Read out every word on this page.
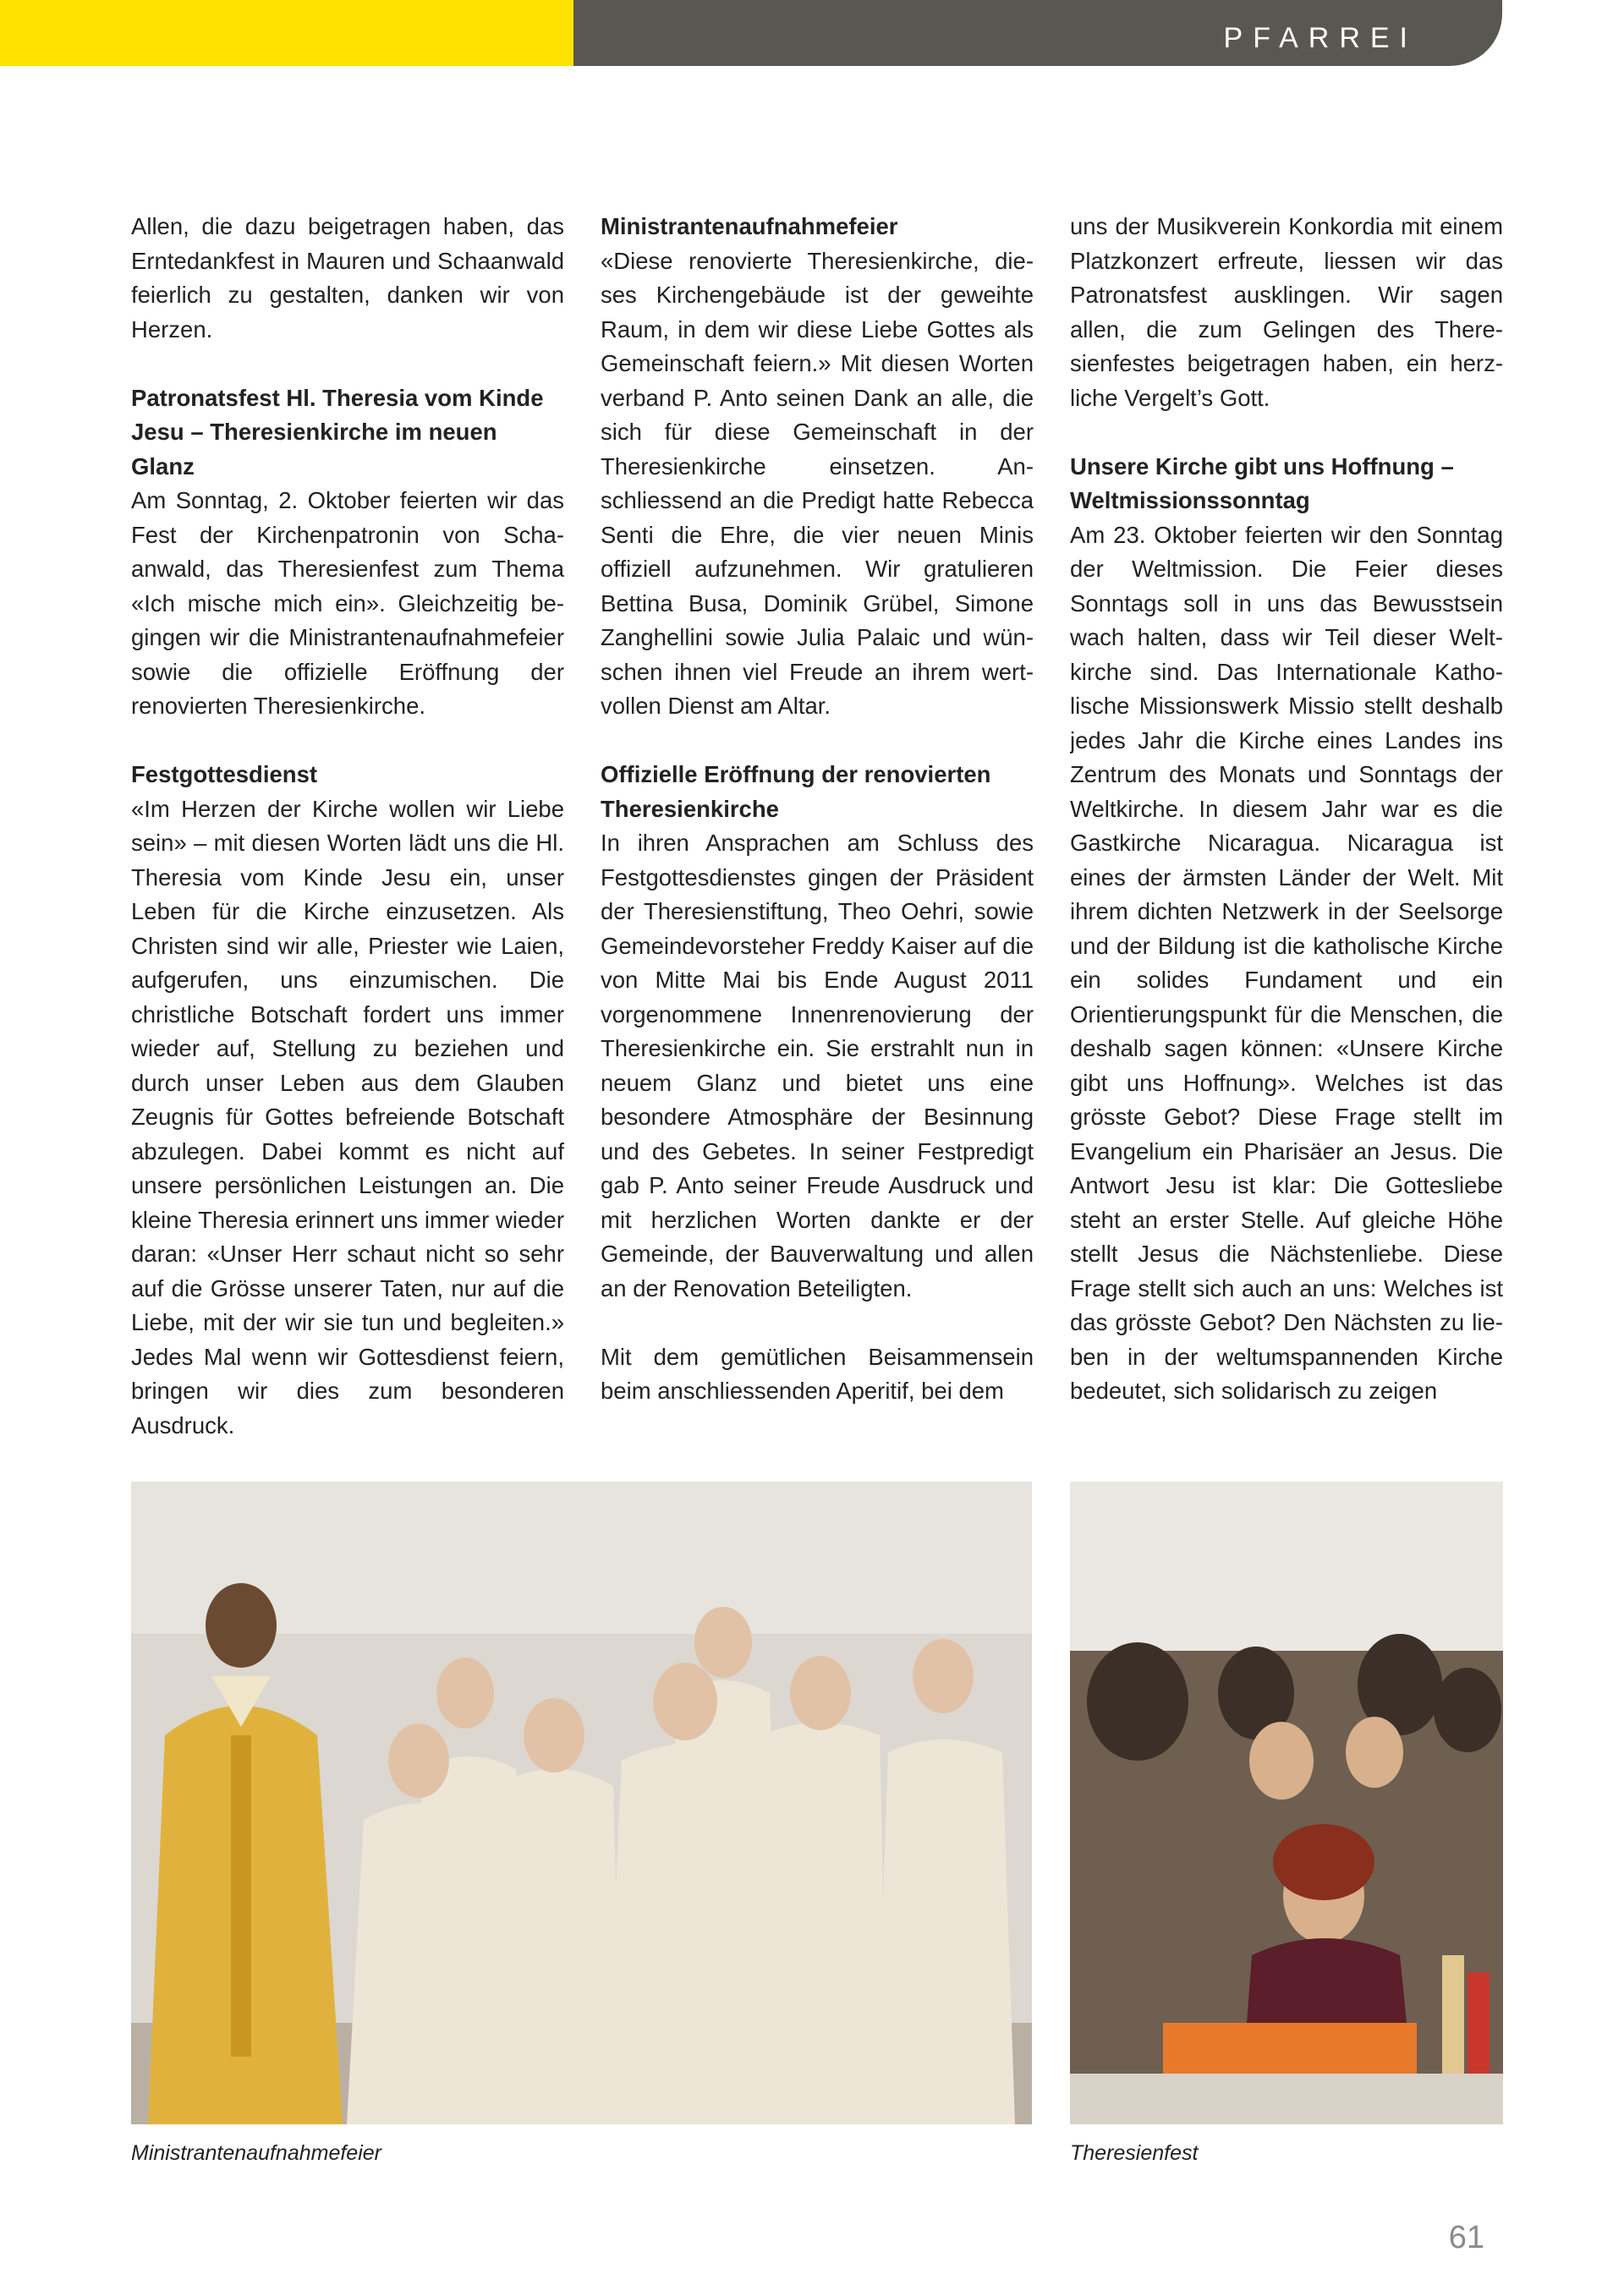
PFARREI

Allen, die dazu beigetragen haben, das Erntedankfest in Mauren und Schaanwald feierlich zu gestalten, danken wir von Herzen.

Patronatsfest Hl. Theresia vom Kinde Jesu – Theresienkirche im neuen Glanz

Am Sonntag, 2. Oktober feierten wir das Fest der Kirchenpatronin von Schaanwald, das Theresienfest zum Thema «Ich mische mich ein». Gleichzeitig begingen wir die Ministrantenaufnahmefeier sowie die offizielle Eröffnung der renovierten Theresienkirche.

Festgottesdienst

«Im Herzen der Kirche wollen wir Liebe sein» – mit diesen Worten lädt uns die Hl. Theresia vom Kinde Jesu ein, unser Leben für die Kirche einzusetzen. Als Christen sind wir alle, Priester wie Laien, aufgerufen, uns einzumischen. Die christliche Botschaft fordert uns immer wieder auf, Stellung zu beziehen und durch unser Leben aus dem Glauben Zeugnis für Gottes befreiende Botschaft abzulegen. Dabei kommt es nicht auf unsere persönlichen Leistungen an. Die kleine Theresia erinnert uns immer wieder daran: «Unser Herr schaut nicht so sehr auf die Grösse unserer Taten, nur auf die Liebe, mit der wir sie tun und begleiten.» Jedes Mal wenn wir Gottesdienst feiern, bringen wir dies zum besonderen Ausdruck.

Ministrantenaufnahmefeier

«Diese renovierte Theresienkirche, dieses Kirchengebäude ist der geweihte Raum, in dem wir diese Liebe Gottes als Gemeinschaft feiern.» Mit diesen Worten verband P. Anto seinen Dank an alle, die sich für diese Gemeinschaft in der Theresienkirche einsetzen. Anschliessend an die Predigt hatte Rebecca Senti die Ehre, die vier neuen Minis offiziell aufzunehmen. Wir gratulieren Bettina Busa, Dominik Grübel, Simone Zanghellini sowie Julia Palaic und wünschen ihnen viel Freude an ihrem wertvollen Dienst am Altar.

Offizielle Eröffnung der renovierten Theresienkirche

In ihren Ansprachen am Schluss des Festgottesdienstes gingen der Präsident der Theresienstiftung, Theo Oehri, sowie Gemeindevorsteher Freddy Kaiser auf die von Mitte Mai bis Ende August 2011 vorgenommene Innenrenovierung der Theresienkirche ein. Sie erstrahlt nun in neuem Glanz und bietet uns eine besondere Atmosphäre der Besinnung und des Gebetes. In seiner Festpredigt gab P. Anto seiner Freude Ausdruck und mit herzlichen Worten dankte er der Gemeinde, der Bauverwaltung und allen an der Renovation Beteiligten.

Mit dem gemütlichen Beisammensein beim anschliessenden Aperitif, bei dem

uns der Musikverein Konkordia mit einem Platzkonzert erfreute, liessen wir das Patronatsfest ausklingen. Wir sagen allen, die zum Gelingen des Theresienfestes beigetragen haben, ein herzliche Vergelt’s Gott.

Unsere Kirche gibt uns Hoffnung – Weltmissionssonntag

Am 23. Oktober feierten wir den Sonntag der Weltmission. Die Feier dieses Sonntags soll in uns das Bewusstsein wach halten, dass wir Teil dieser Weltkirche sind. Das Internationale Katholische Missionswerk Missio stellt deshalb jedes Jahr die Kirche eines Landes ins Zentrum des Monats und Sonntags der Weltkirche. In diesem Jahr war es die Gastkirche Nicaragua. Nicaragua ist eines der ärmsten Länder der Welt. Mit ihrem dichten Netzwerk in der Seelsorge und der Bildung ist die katholische Kirche ein solides Fundament und ein Orientierungspunkt für die Menschen, die deshalb sagen können: «Unsere Kirche gibt uns Hoffnung». Welches ist das grösste Gebot? Diese Frage stellt im Evangelium ein Pharisäer an Jesus. Die Antwort Jesu ist klar: Die Gottesliebe steht an erster Stelle. Auf gleiche Höhe stellt Jesus die Nächstenliebe. Diese Frage stellt sich auch an uns: Welches ist das grösste Gebot? Den Nächsten zu lieben in der weltumspannenden Kirche bedeutet, sich solidarisch zu zeigen

Ministrantenaufnahmefeier	Theresienfest
61
